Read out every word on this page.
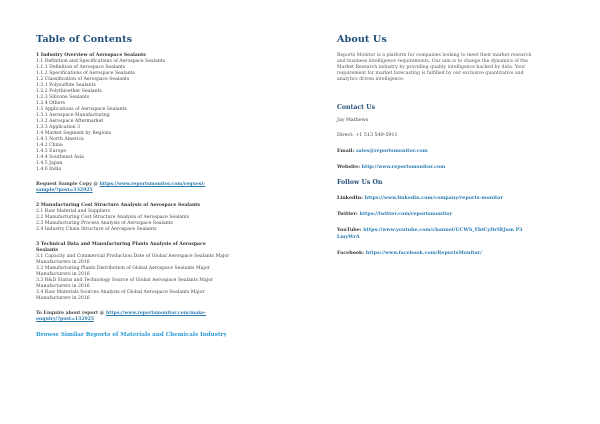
Table of Contents
1 Industry Overview of Aerospace Sealants
1.1 Definition and Specifications of Aerospace Sealants
1.1.1 Definition of Aerospace Sealants
1.1.2 Specifications of Aerospace Sealants
1.2 Classification of Aerospace Sealants
1.2.1 Polysulfide Sealants
1.2.2 Polythioether Sealants
1.2.3 Silicone Sealants
1.2.4 Others
1.3 Applications of Aerospace Sealants
1.3.1 Aerospace Manufacturing
1.3.2 Aerospace Aftermarket
1.3.3 Application 3
1.4 Market Segment by Regions
1.4.1 North America
1.4.2 China
1.4.3 Europe
1.4.4 Southeast Asia
1.4.5 Japan
1.4.6 India
Request Sample Copy @ https://www.reportsmonitor.com/request-
sample/?post=132925
2 Manufacturing Cost Structure Analysis of Aerospace Sealants
2.1 Raw Material and Suppliers
2.2 Manufacturing Cost Structure Analysis of Aerospace Sealants
2.3 Manufacturing Process Analysis of Aerospace Sealants
2.4 Industry Chain Structure of Aerospace Sealants
3 Technical Data and Manufacturing Plants Analysis of Aerospace
Sealants
3.1 Capacity and Commercial Production Date of Global Aerospace Sealants Major
Manufacturers in 2016
3.2 Manufacturing Plants Distribution of Global Aerospace Sealants Major
Manufacturers in 2016
3.3 R&D Status and Technology Source of Global Aerospace Sealants Major
Manufacturers in 2016
3.4 Raw Materials Sources Analysis of Global Aerospace Sealants Major
Manufacturers in 2016
To Enquire about report @ https://www.reportsmonitor.com/make-
enquiry/?post=132925
Browse Similar Reports of Materials and Chemicals Industry
About Us
Reports Monitor is a platform for companies looking to meet their market research
and business intelligence requirements. Our aim is to change the dynamics of the
Market Research industry by providing quality intelligence backed by data. Your
requirement for market forecasting is fulfilled by our exclusive quantitative and
analytics driven intelligence.
Contact Us
Jay Mathews
Direct: +1 513 549-5911
Email: sales@reportsmonitor.com
Website: http://www.reportsmonitor.com
Follow Us On
LinkedIn: https://www.linkedin.com/company/reports-monitor
Twitter: https://twitter.com/reportsmonitor
YouTube: https://www.youtube.com/channel/UCWS_FbtCyDrIRJum P3
LmyWrA
Facebook: https://www.facebook.com/ReportsMonitor/
